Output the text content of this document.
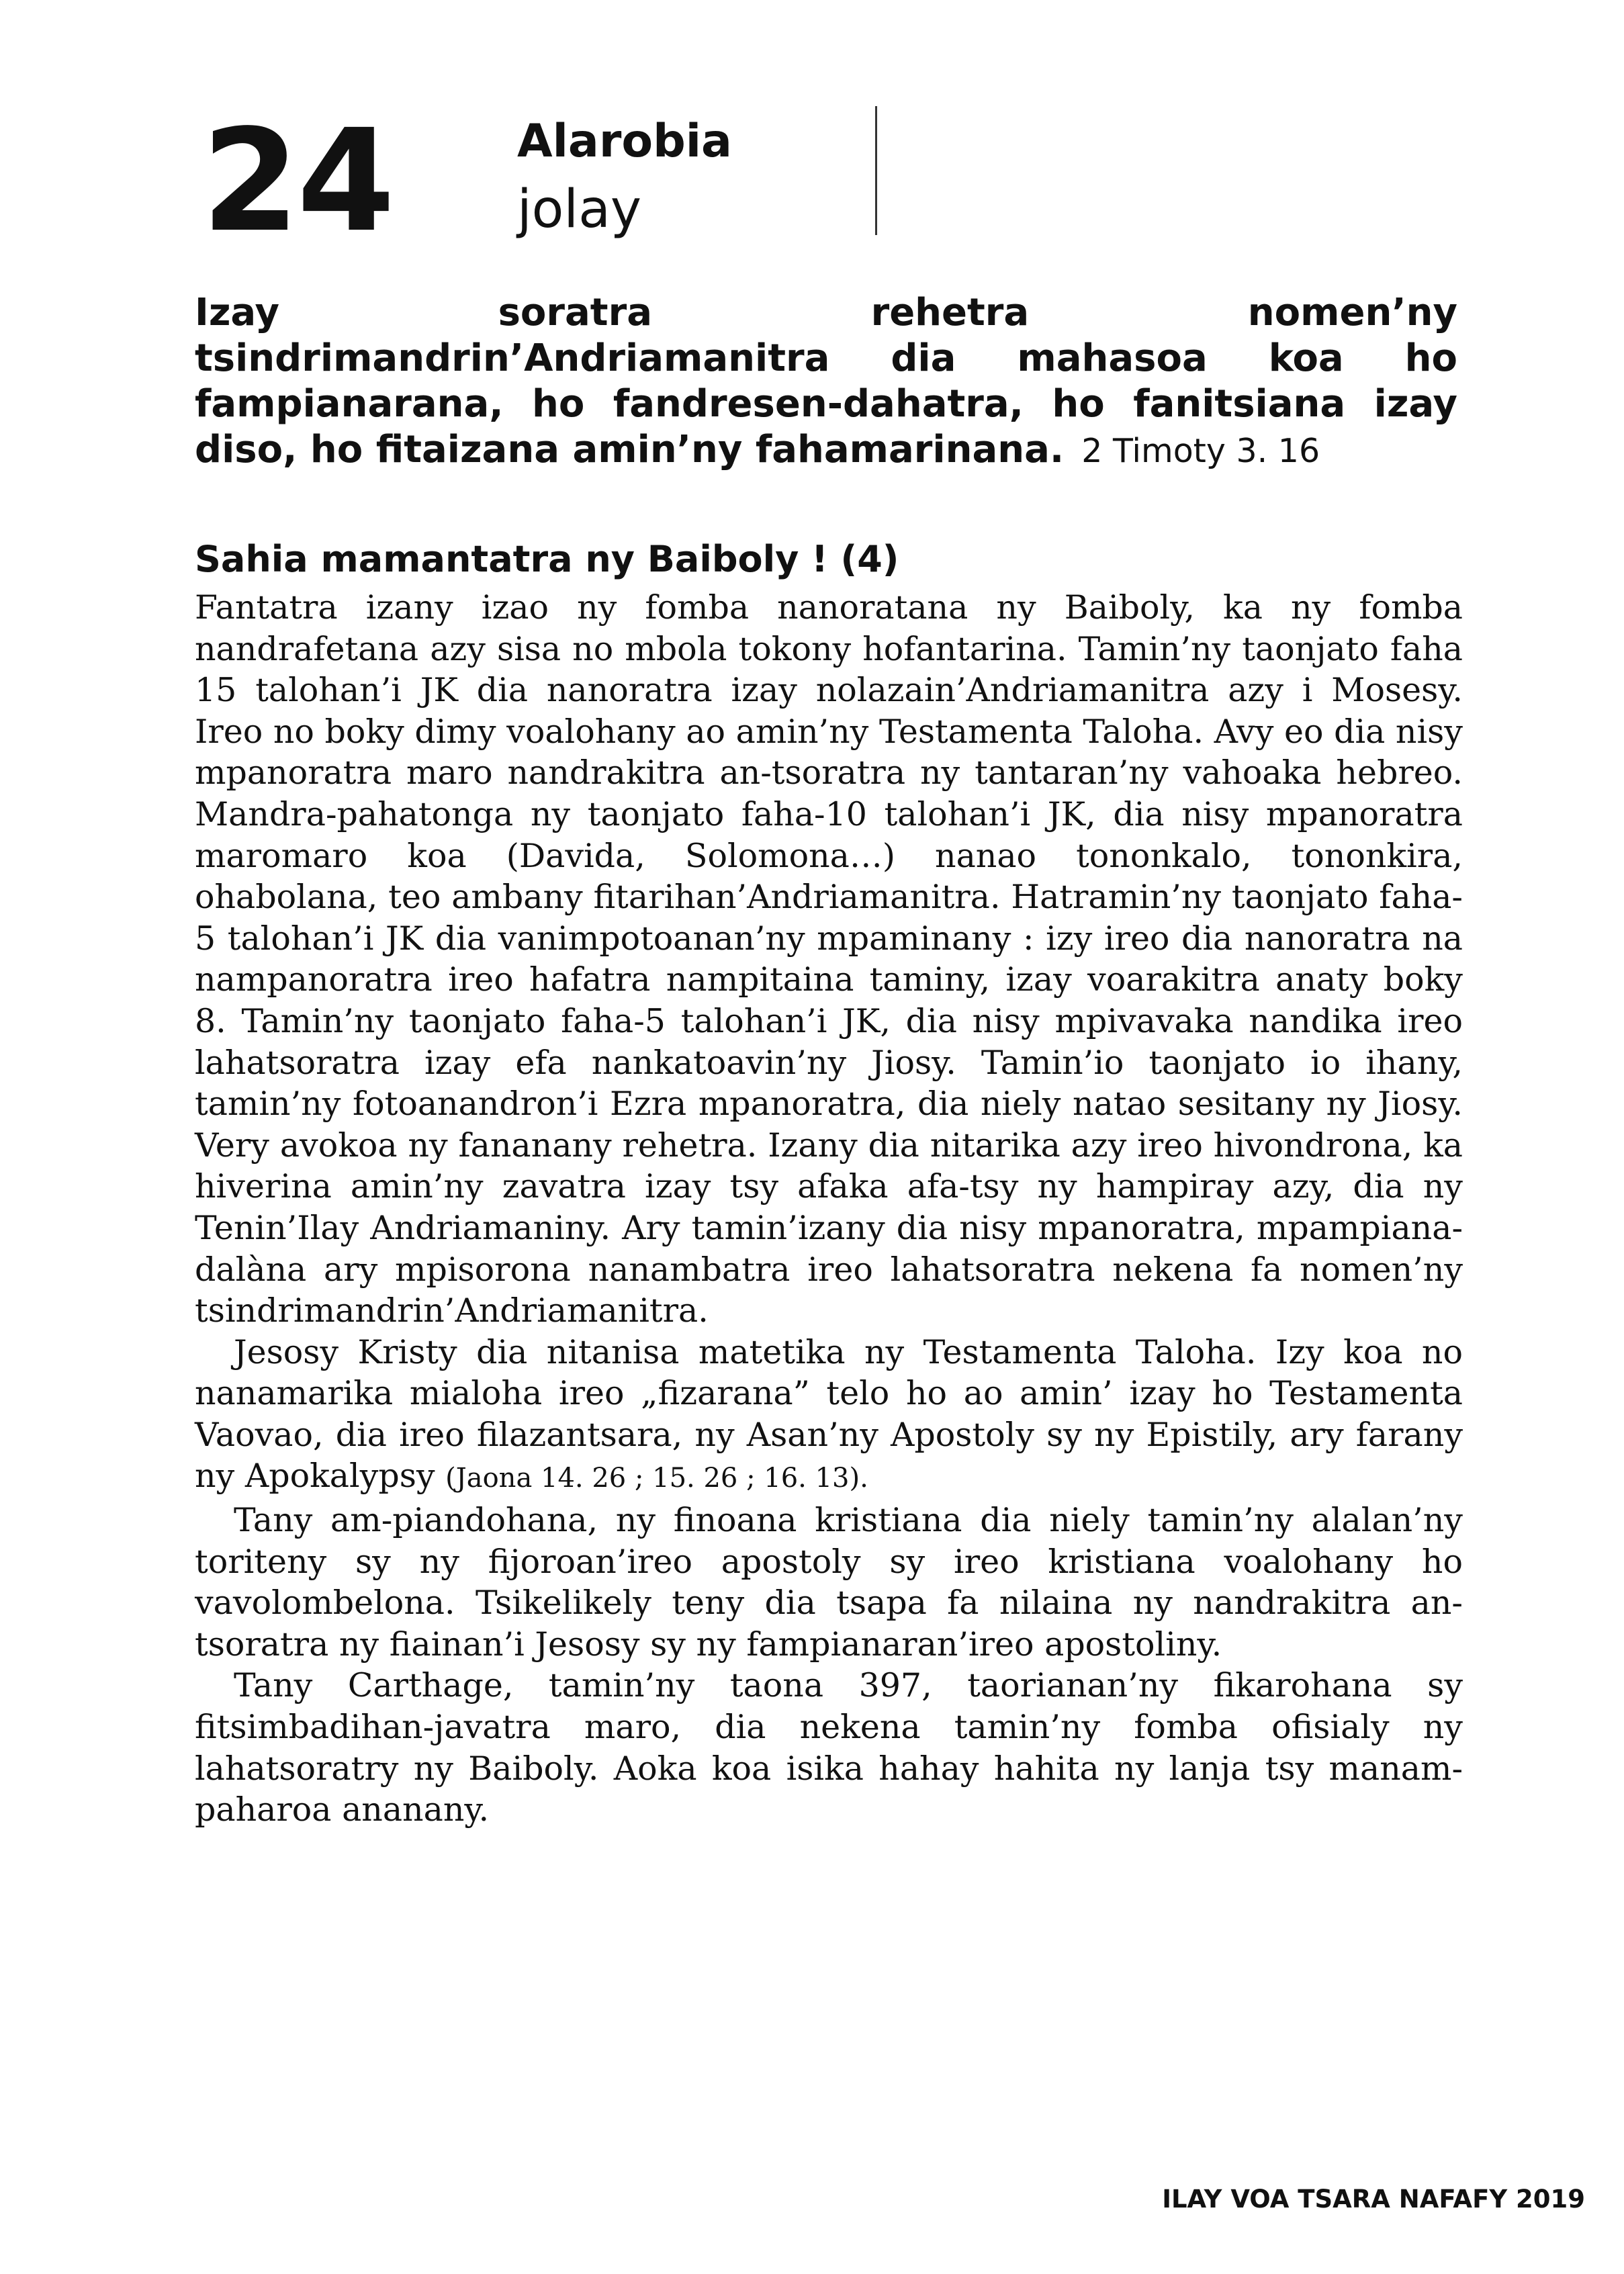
24	Alarobia
jolay
Izay soratra rehetra nomen’ny tsindrimandrin’Andriamanitra dia mahasoa koa ho fampianarana, ho fandresen-dahatra, ho fanitsiana izay diso, ho fitaizana amin’ny fahamarinana. 2 Timoty 3. 16
Sahia mamantatra ny Baiboly ! (4)

Fantatra izany izao ny fomba nanoratana ny Baiboly, ka ny fomba nandrafetana azy sisa no mbola tokony hofantarina. Tamin’ny taonjato faha 15 talohan’i JK dia nanoratra izay nolazain’Andriamanitra azy i Mosesy. Ireo no boky dimy voalohany ao amin’ny Testamenta Taloha. Avy eo dia nisy mpanoratra maro nandrakitra an-tsoratra ny tantaran’ny vahoaka hebreo. Mandra-pahatonga ny taonjato faha-10 talohan’i JK, dia nisy mpanoratra maromaro koa (Davida, Solomona…) nanao tononkalo, tononkira, ohabolana, teo ambany fitarihan’Andriamanitra. Hatramin’ny taonjato faha-5 talohan’i JK dia vanimpotoanan’ny mpaminany : izy ireo dia nanoratra na nampanoratra ireo hafatra nampitaina taminy, izay voarakitra anaty boky 8. Tamin’ny taonjato faha-5 talohan’i JK, dia nisy mpivavaka nandika ireo lahatsoratra izay efa nankatoavin’ny Jiosy. Tamin’io taonjato io ihany, tamin’ny fotoanandron’i Ezra mpanoratra, dia niely natao sesitany ny Jiosy. Very avokoa ny fananany rehetra. Izany dia nitarika azy ireo hivondrona, ka hiverina amin’ny zavatra izay tsy afaka afa-tsy ny hampiray azy, dia ny Tenin’Ilay Andriamaniny. Ary tamin’izany dia nisy mpanoratra, mpampiana-dalàna ary mpisorona nanambatra ireo lahatsoratra nekena fa nomen’ny tsindrimandrin’Andriamanitra.

Jesosy Kristy dia nitanisa matetika ny Testamenta Taloha. Izy koa no nanamarika mialoha ireo „fizarana” telo ho ao amin’ izay ho Testamenta Vaovao, dia ireo filazantsara, ny Asan’ny Apostoly sy ny Epistily, ary farany ny Apokalypsy (Jaona 14. 26 ; 15. 26 ; 16. 13).

Tany am-piandohana, ny finoana kristiana dia niely tamin’ny alalan’ny toriteny sy ny fijoroan’ireo apostoly sy ireo kristiana voalohany ho vavolombelona. Tsikelikely teny dia tsapa fa nilaina ny nandrakitra an-tsoratra ny fiainan’i Jesosy sy ny fampianaran’ireo apostoliny.

Tany Carthage, tamin’ny taona 397, taorianan’ny fikarohana sy fitsimbadihan-javatra maro, dia nekena tamin’ny fomba ofisialy ny lahatsoratry ny Baiboly. Aoka koa isika hahay hahita ny lanja tsy manam-paharoa ananany.

ILAY VOA TSARA NAFAFY 2019
